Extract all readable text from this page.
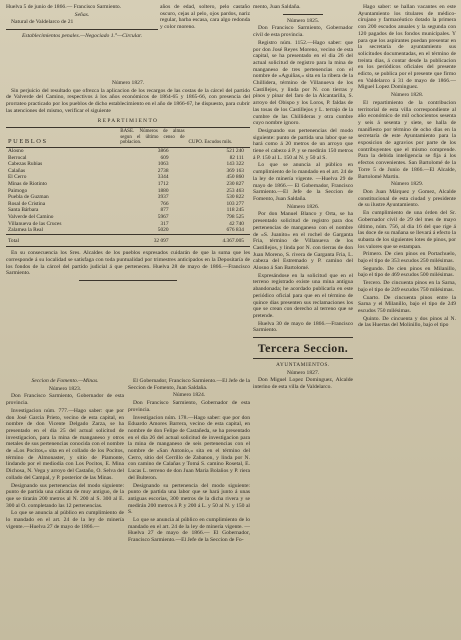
Huelva 5 de junio de 1866.— Francisco Sarmiento.

Señas.

Natural de Valdelarco de 21

Establecimientos penales.—Negociado 1.°—Circular.

años de edad, soltero, pelo castaño oscuro, cejas al pelo, ojos pardos, nariz regular, barba escasa, cara algo redonda y color moreno.

Número 1827.

Sin perjuicio del resultado que ofrezca la aplicacion de los recargos de las costas de la cárcel del partido de Valverde del Camino, respectivos á los años económicos de 1864-65 y 1865-66, con presencia del prorrateo practicado por los pueblos de dicho establecimiento en el año de 1866-67, he dispuesto, para cubrir las atenciones del mismo, verificar el siguiente

REPARTIMIENTO
PUEBLOS	BASE. Números de almas segun el último censo de poblacion.	CUPO. Escudos mils.
Alosno	3866	521 240
Berrocal	609	82 111
Cabezas Rubias	1063	143 322
Calañas	2738	369 163
El Cerro	3344	450 860
Minas de Riotinto	1712	230 827
Paimogo	1880	253 463
Puebla de Guzman	3937	530 822
Rosal de Cristina	766	103 277
Santa Bárbara	877	118 245
Valverde del Camino	5967	798 525
Villanueva de las Cruces	317	42 740
Zalamea la Real	5020	676 834
Total	32 097	4.367.005

En su consecuencia los Sres. Alcaldes de los pueblos expresados cuidarán de que la suma que les corresponde á su localidad se satisfaga con toda puntualidad por trimestres anticipados en la Depositaría de los fondos de la cárcel del partido judicial á que pertenecen. Huelva 28 de mayo de 1866.—Francisco Sarmiento.

Seccion de Fomento.—Minas.

Número 1823.

Don Francisco Sarmiento, Gobernador de esta provincia.

Investigacion núm. 777.—Hago saber: que por don José Garcia Prieto, vecino de esta capital, en nombre de don Vicente Delgado Zarza, se ha presentado en el dia 25 del actual solicitud de investigacion, para la mina de manganeso y otros metales de sus pertenencias conocida con el nombre de «Los Pocitos,» sita en el collado de los Pocitos, término de Almonaster, y sitio de Piamonte, lindando por el mediodía con Los Pocitos, E. Mina Dichosa, N. Vega y arroyo del Castaño, O. Selva del collado del Campal, y P. posterior de las Minas.

Designando sus pertenencias del modo siguiente: punto de partida una calicata de muy antiguo, de la que se tirarán 200 metros al N. 200 al S. 300 al E. 300 al O. completando las 12 pertenencias.

Lo que se anuncia al público en cumplimiento de lo mandado en el art. 24 de la ley de minería vigente.—Huelva 27 de mayo de 1866.—

El Gobernador, Francisco Sarmiento.—El Jefe de la Seccion de Fomento, Juan Saldaña.

Número 1824.

Don Francisco Sarmiento, Gobernador de esta provincia.

Investigacion núm. 178.—Hago saber: que por don Eduardo Amores Barrera, vecino de esta capital, en nombre de don Felipe de Castañeda, se ha presentado en el dia 26 del actual solicitud de investigacion para la mina de manganeso de seis pertenencias con el nombre de «San Antonio,» sita en el término del Cerro, sitio del Cerrillo de Zabanon, y linda por N. con camino de Calañas y Tomá S. camino Rosetal, E. Lucas L. terreno de don Juan Maria Bolaños y P. riera del Bulteron.

Designando su pertenencia del modo siguiente: punto de partida una labor que se hará junto á unas antiguas escorias, 300 metros de la dicha rivera y se medirán 200 metros á P. y 200 á L. y 50 al N. y 150 al S.

Lo que se anuncia al público en cumplimiento de lo mandado en el art. 24 de la ley de minería vigente. —Huelva 27 de mayo de 1866.— El Gobernador, Francisco Sarmiento.—El Jefe de la Seccion de Fo-

mento, Juan Saldaña.

Número 1825.

Don Francisco Sarmiento, Gobernador civil de esta provincia.

Registro núm. 1152.—Hago saber: que por don José Reyes Moreno, vecino de esta capital, se ha presentado en el dia 26 del actual solicitud de registro para la mina de manganeso de tres pertenencias con el nombre de «Aguiñas,» sita en la ribera de la Chillidera, término de Villanueva de los Castillejos, y linda por N. con tierras y pinos y pinar del faro de la Alcantarilla, S. arroyo del Obispo y los Loros, P. faldas de las tosas de los Castillejos y L. terrajo de la cumbre de las Chillideras y otra cumbre cuyo nombre ignoro.

Designando sus pertenencias del modo siguiente: punto de partida una labor que se hará como á 20 metros de un arroyo que tiene el cabezo á P. y se medirán 150 metros á P. 150 al L. 150 al N. y 50 al S.

Lo que se anuncia al público en cumplimiento de lo mandado en el art. 24 de la ley de minería vigente. —Huelva 29 de mayo de 1866.— El Gobernador, Francisco Sarmiento.—El Jefe de la Seccion de Fomento, Juan Saldaña.

Número 1826.

Por don Manuel Blanco y Orta, se ha presentado solicitud de registro para dos pertenencias de manganeso con el nombre de «S. Juanito» en el rochel de Garganta Fria, término de Villanueva de los Castillejos, y linda por N. con tierras de don Juan Moreno, S. rivera de Garganta Fria, L. cabeza del Estremado y P. camino del Alosno á San Bartolomé.

Expresándose en la solicitud que en el terreno registrado existe una mina antigua abandonada; he acordado publicarla en este periódico oficial para que en el término de quince dias presenten sus reclamaciones los que se crean con derecho al terreno que se pretende.

Huelva 30 de mayo de 1866.—Francisco Sarmiento.

Tercera Seccion.

AYUNTAMIENTOS.

Número 1827.

Don Miguel Lopez Dominguez, Alcalde interino de esta villa de Valdelarco.

Hago saber: se hallan vacantes en este Ayuntamiento los titulares de médico-cirujano y farmacéutico dotado la primera con 200 escudos anuales y la segunda con 120 pagados de los fondos municipales. Y para que los aspirantes puedan presentar en la secretaría de ayuntamiento sus solicitudes documentadas, en el término de treinta dias, á contar desde la publicacion en los periódicos oficiales del presente edicto, se publica por el presente que firmo en Valdelarco á 31 de mayo de 1866.—Miguel Lopez Dominguez.

Número 1828.

El repartimiento de la contribucion territorial de esta villa correspondiente al año económico de mil ochocientos sesenta y seis á sesenta y siete, se halla de manifiesto por término de ocho dias en la secretaría de este Ayuntamiento para la exposicion de agravios por parte de los contribuyentes que el mismo comprende. Para la debida inteligencia se fija á los efectos convenientes. San Bartolomé de la Torre 5 de Junio de 1866.—El Alcalde, Bartolomé Martin.

Número 1829.

Don Juan Márquez y Gomez, Alcalde constitucional de esta ciudad y presidente de su ilustre Ayuntamiento.

En cumplimiento de una órden del Sr. Gobernador civil de 29 del mes de mayo último, núm. 756, al dia 16 del que rige á las doce de su mañana se llevará á efecto la subasta de los siguientes lotes de pinos, por los valores que se estampan.

Primero. De cien pinos en Portachuelo, bajo el tipo de 353 escudos 250 milésimas.

Segundo. De cien pinos en Milanillo, bajo el tipo de 469 escudos 500 milésimas.

Tercero. De cincuenta pinos en la Sarna, bajo el tipo de 249 escudos 750 milésimas.

Cuarto. De cincuenta pinos entre la Sarna y el Milanillo, bajo el tipo de 249 escudos 750 milésimas.

Quinto. De cincuenta y dos pinos al N. de las Huertas del Molinillo, bajo el tipo
